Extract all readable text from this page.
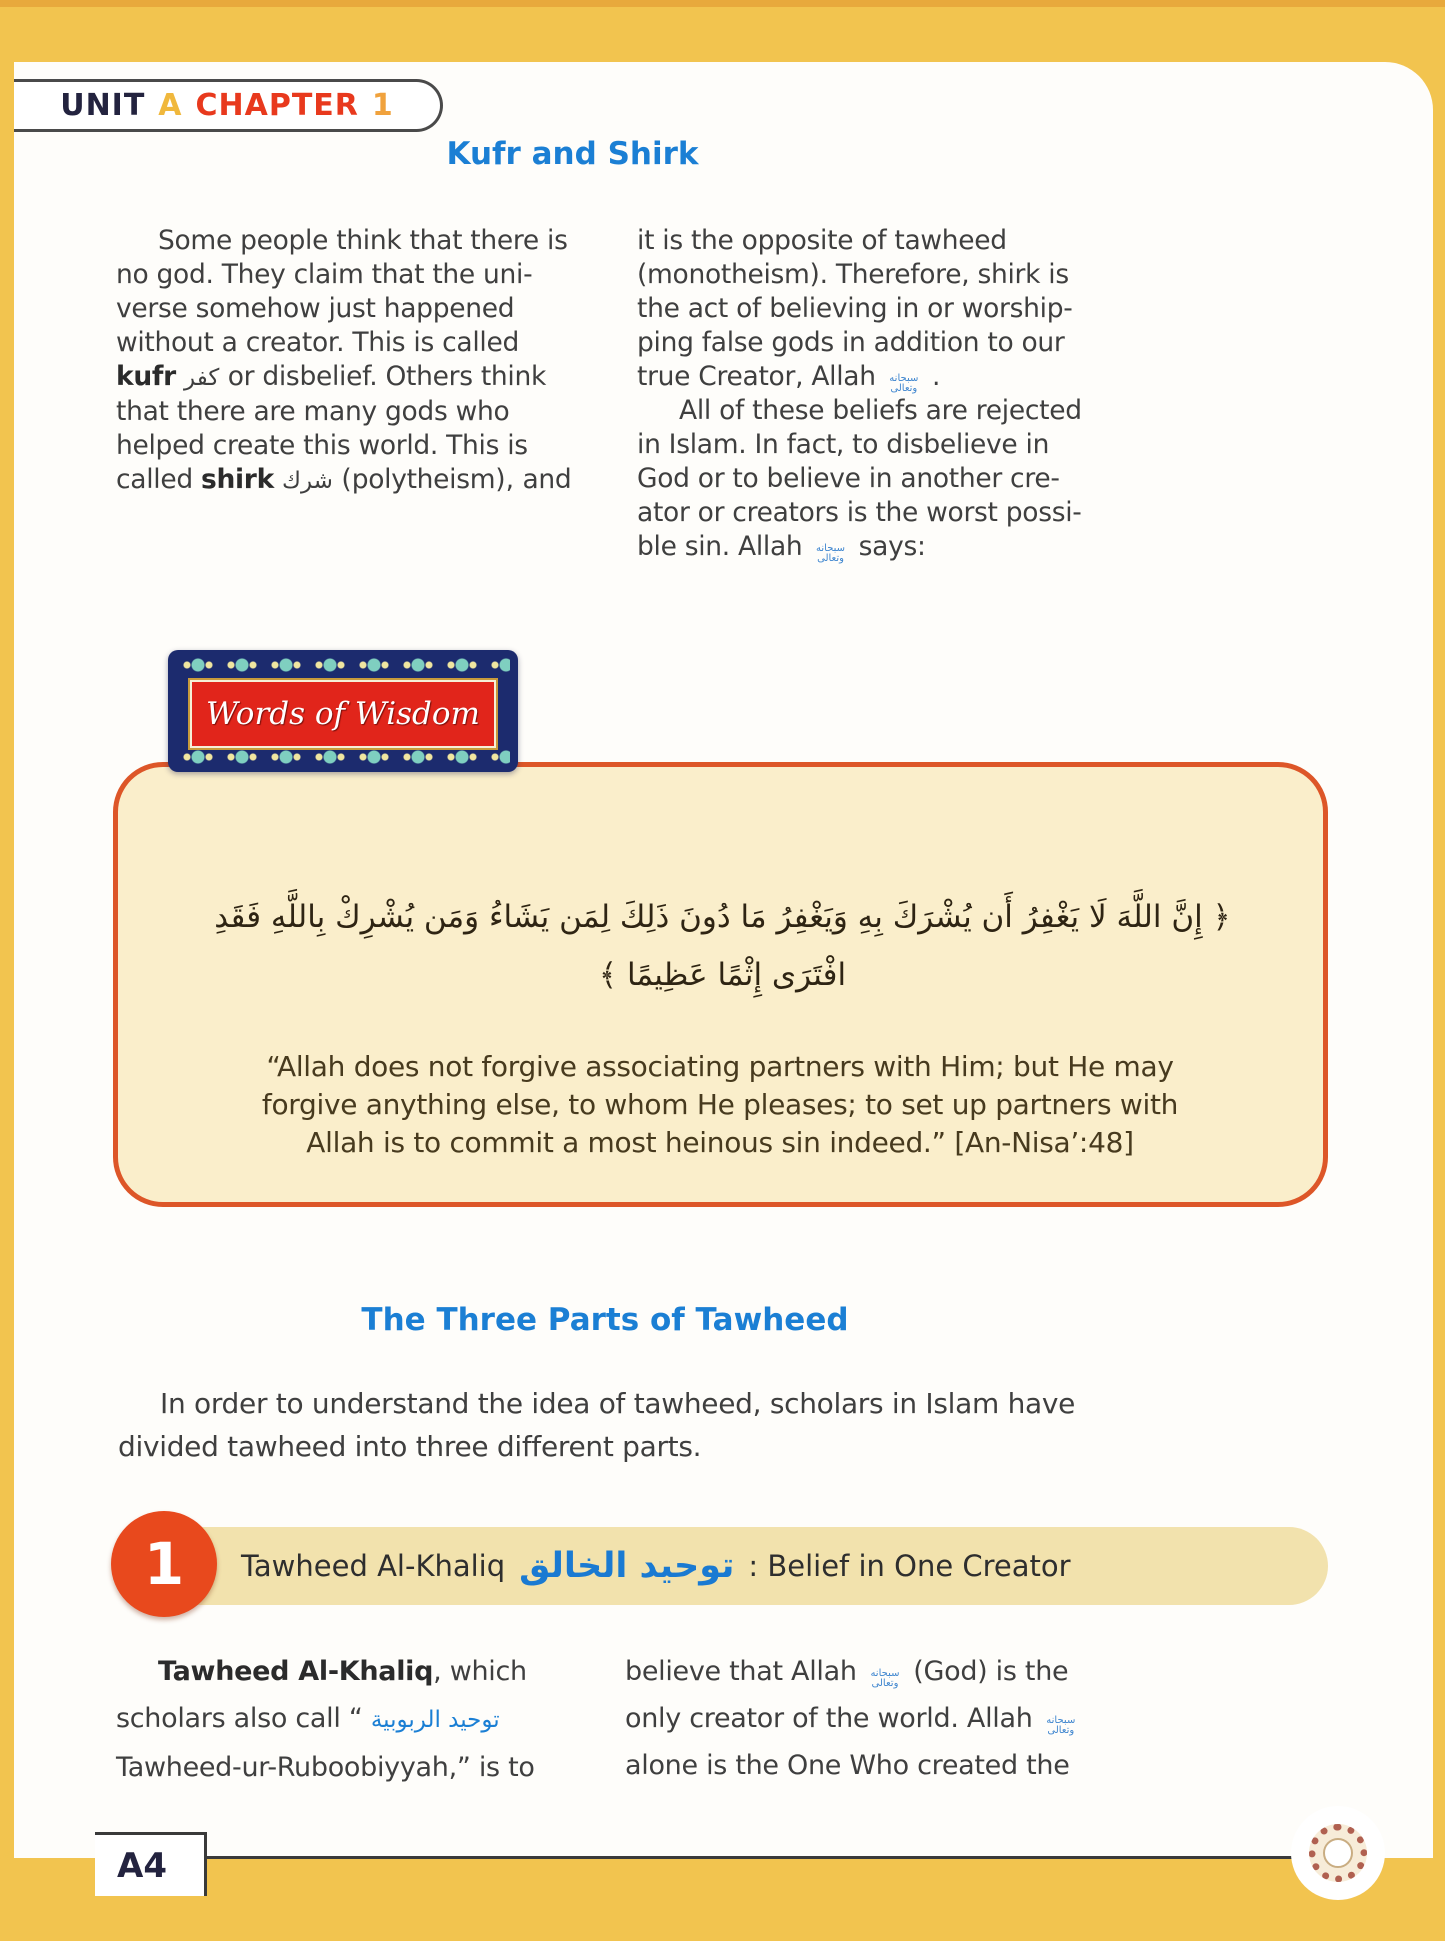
UNIT A CHAPTER 1
Kufr and Shirk
Some people think that there is
no god. They claim that the uni-
verse somehow just happened
without a creator. This is called
kufr كفر or disbelief. Others think
that there are many gods who
helped create this world. This is
called shirk شرك (polytheism), and
it is the opposite of tawheed
(monotheism). Therefore, shirk is
the act of believing in or worship-
ping false gods in addition to our
true Creator, Allah سبحانه وتعالى .
All of these beliefs are rejected
in Islam. In fact, to disbelieve in
God or to believe in another cre-
ator or creators is the worst possi-
ble sin. Allah سبحانه وتعالى says:
Words of Wisdom
﴿ إِنَّ اللَّهَ لَا يَغْفِرُ أَن يُشْرَكَ بِهِ وَيَغْفِرُ مَا دُونَ ذَلِكَ لِمَن يَشَاءُ وَمَن يُشْرِكْ بِاللَّهِ فَقَدِ
افْتَرَى إِثْمًا عَظِيمًا ﴾
“Allah does not forgive associating partners with Him; but He may
forgive anything else, to whom He pleases; to set up partners with
Allah is to commit a most heinous sin indeed.” [An-Nisa’:48]
The Three Parts of Tawheed
In order to understand the idea of tawheed, scholars in Islam have
divided tawheed into three different parts.
Tawheed Al-Khaliq توحيد الخالق : Belief in One Creator
1
Tawheed Al-Khaliq, which
scholars also call “ توحيد الربوبية
Tawheed-ur-Ruboobiyyah,” is to
believe that Allah سبحانه وتعالى (God) is the
only creator of the world. Allah سبحانه وتعالى
alone is the One Who created the
A4
